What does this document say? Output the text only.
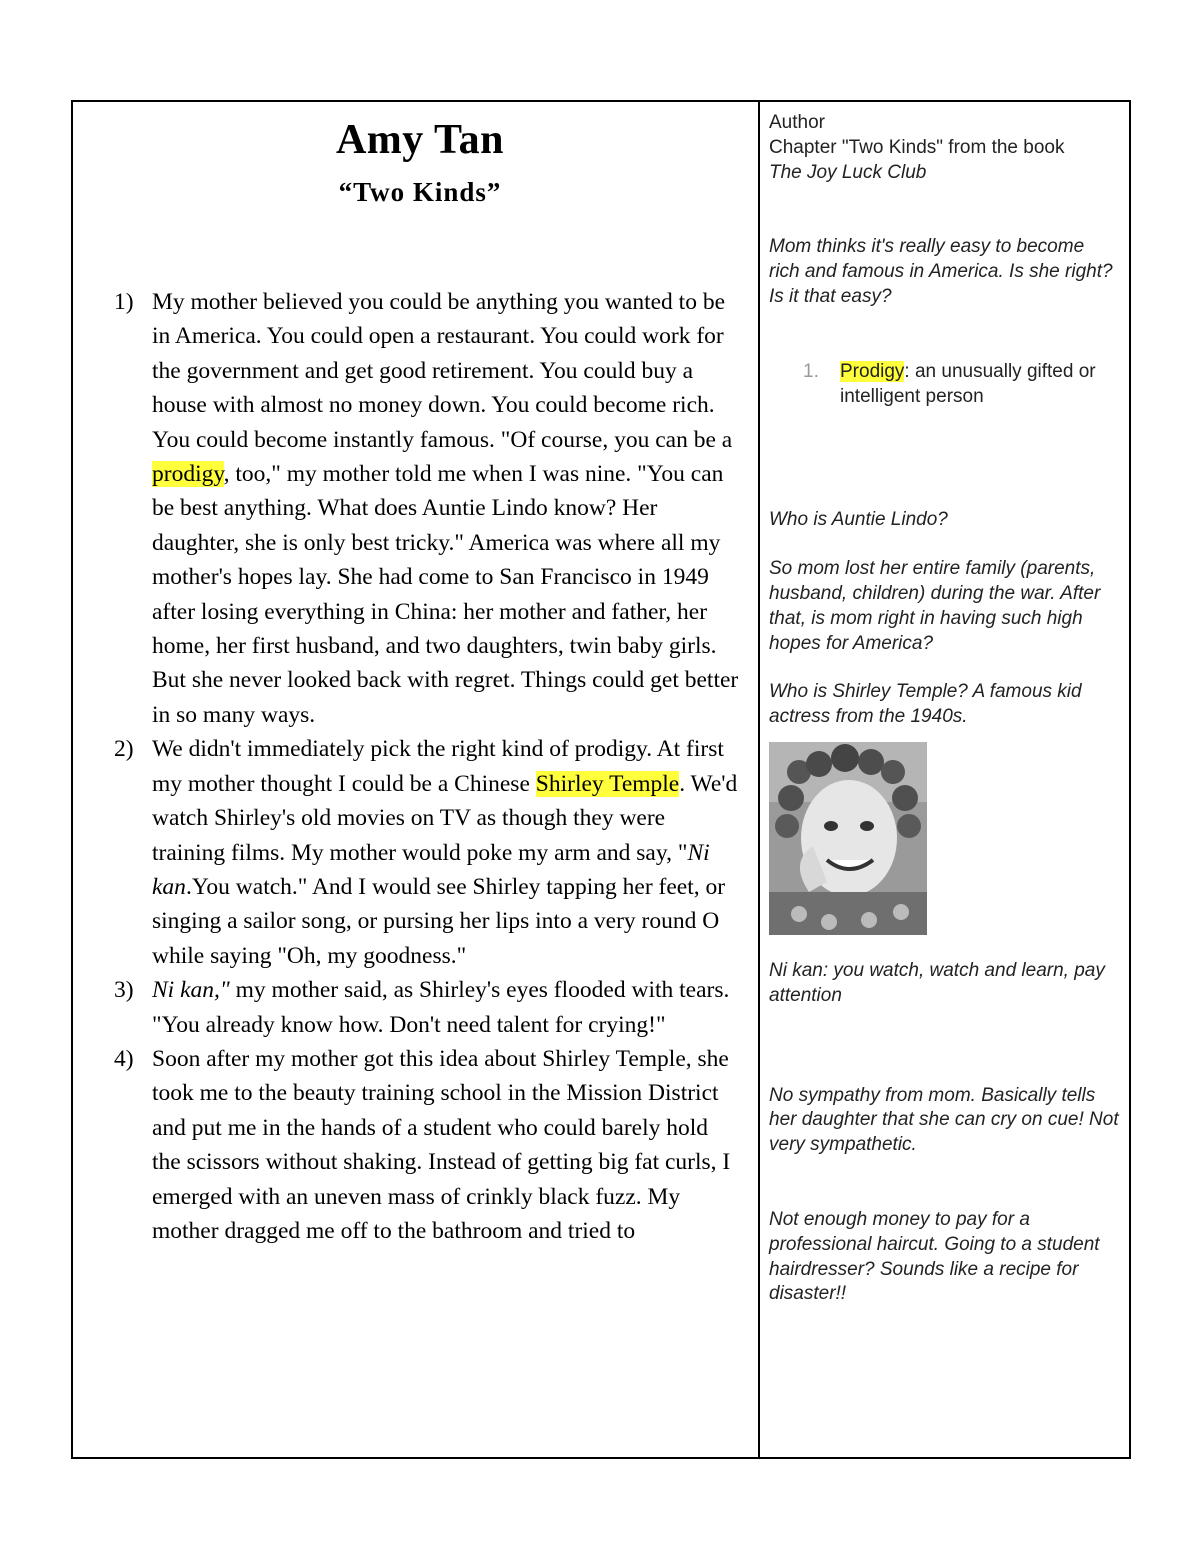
Amy Tan
“Two Kinds”
1) My mother believed you could be anything you wanted to be in America. You could open a restaurant. You could work for the government and get good retirement. You could buy a house with almost no money down. You could become rich. You could become instantly famous. "Of course, you can be a prodigy, too," my mother told me when I was nine. "You can be best anything. What does Auntie Lindo know? Her daughter, she is only best tricky." America was where all my mother's hopes lay. She had come to San Francisco in 1949 after losing everything in China: her mother and father, her home, her first husband, and two daughters, twin baby girls. But she never looked back with regret. Things could get better in so many ways.
2) We didn't immediately pick the right kind of prodigy. At first my mother thought I could be a Chinese Shirley Temple. We'd watch Shirley's old movies on TV as though they were training films. My mother would poke my arm and say, "Ni kan.You watch." And I would see Shirley tapping her feet, or singing a sailor song, or pursing her lips into a very round O while saying "Oh, my goodness."
3) Ni kan," my mother said, as Shirley's eyes flooded with tears. "You already know how. Don't need talent for crying!"
4) Soon after my mother got this idea about Shirley Temple, she took me to the beauty training school in the Mission District and put me in the hands of a student who could barely hold the scissors without shaking. Instead of getting big fat curls, I emerged with an uneven mass of crinkly black fuzz. My mother dragged me off to the bathroom and tried to

Author

Chapter "Two Kinds" from the book

The Joy Luck Club

Mom thinks it's really easy to become rich and famous in America. Is she right? Is it that easy?

1. Prodigy: an unusually gifted or intelligent person

Who is Auntie Lindo?

So mom lost her entire family (parents, husband, children) during the war. After that, is mom right in having such high hopes for America?

Who is Shirley Temple? A famous kid actress from the 1940s.

Ni kan: you watch, watch and learn, pay attention

No sympathy from mom. Basically tells her daughter that she can cry on cue! Not very sympathetic.

Not enough money to pay for a professional haircut. Going to a student hairdresser? Sounds like a recipe for disaster!!
